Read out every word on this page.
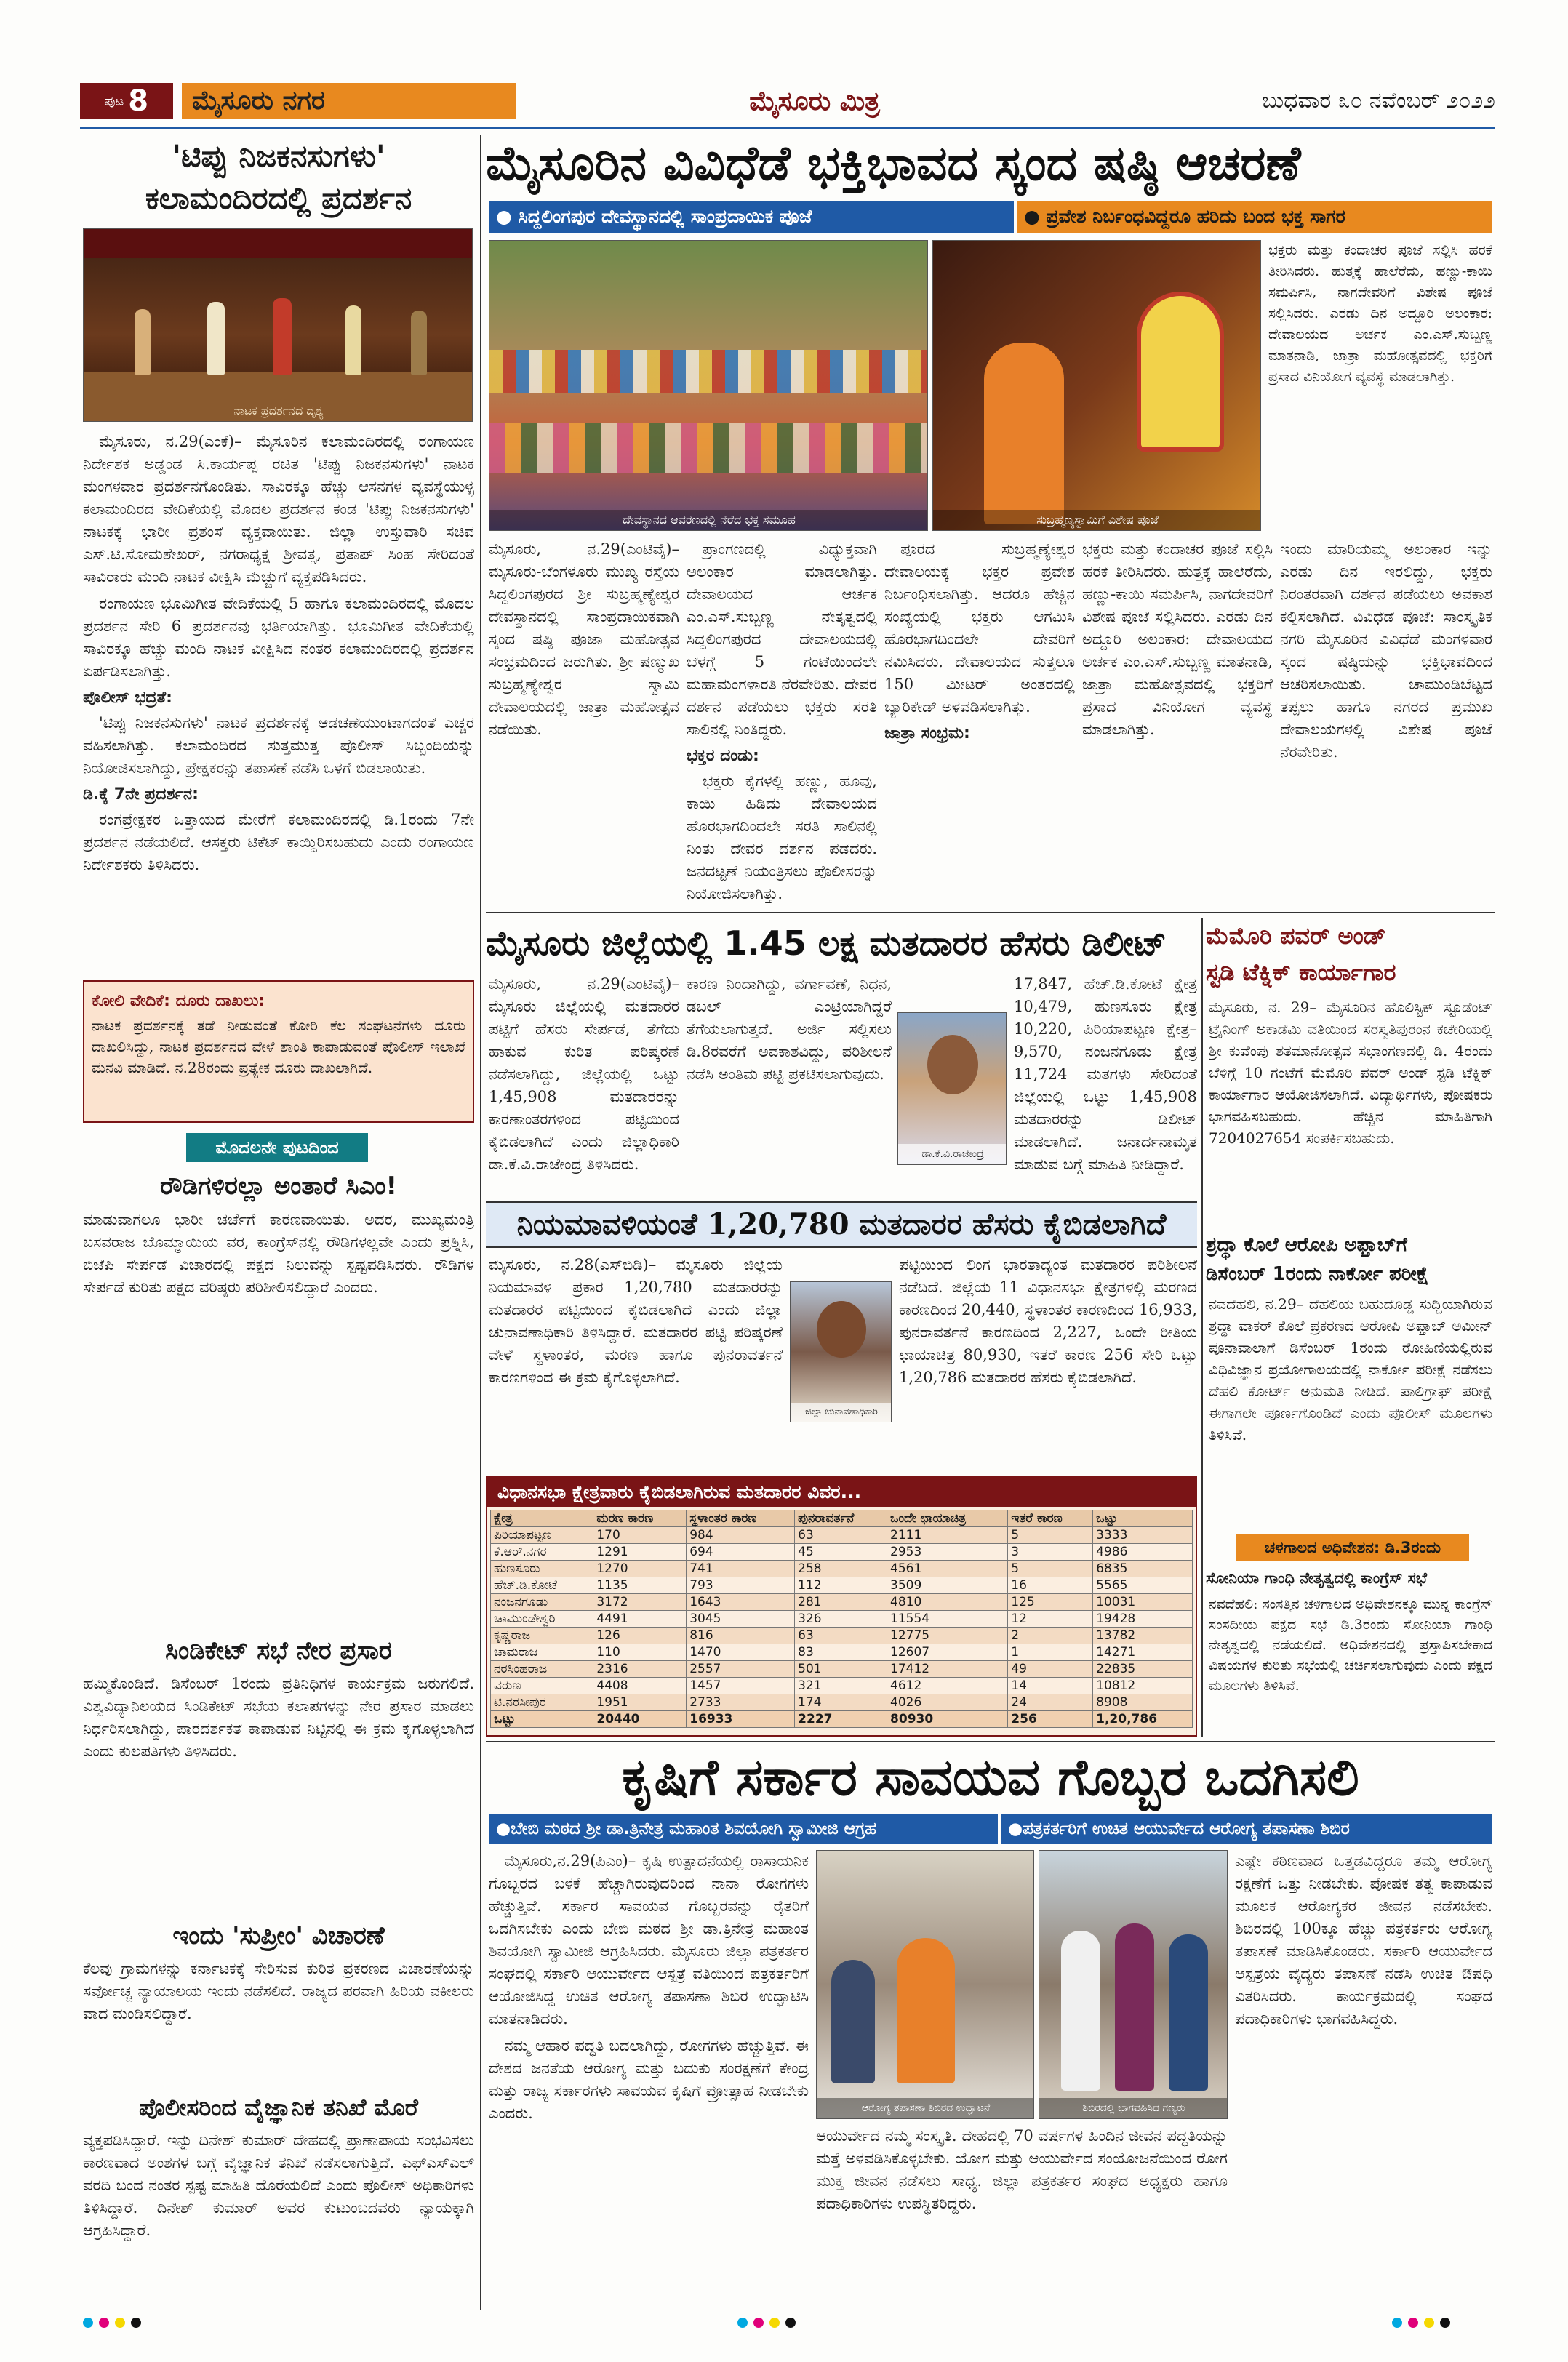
ಪುಟ 8	ಮೈಸೂರು ನಗರ	ಮೈಸೂರು ಮಿತ್ರ	ಬುಧವಾರ ೩೦ ನವೆಂಬರ್ ೨೦೨೨
'ಟಿಪ್ಪು ನಿಜಕನಸುಗಳು'
ಕಲಾಮಂದಿರದಲ್ಲಿ ಪ್ರದರ್ಶನ
ನಾಟಕ ಪ್ರದರ್ಶನದ ದೃಶ್ಯ

ಮೈಸೂರು, ನ.29(ಎಂಕೆ)– ಮೈಸೂರಿನ ಕಲಾಮಂದಿರದಲ್ಲಿ ರಂಗಾಯಣ ನಿರ್ದೇಶಕ ಅಡ್ಡಂಡ ಸಿ.ಕಾರ್ಯಪ್ಪ ರಚಿತ 'ಟಿಪ್ಪು ನಿಜಕನಸುಗಳು' ನಾಟಕ ಮಂಗಳವಾರ ಪ್ರದರ್ಶನಗೊಂಡಿತು. ಸಾವಿರಕ್ಕೂ ಹೆಚ್ಚು ಆಸನಗಳ ವ್ಯವಸ್ಥೆಯುಳ್ಳ ಕಲಾಮಂದಿರದ ವೇದಿಕೆಯಲ್ಲಿ ಮೊದಲ ಪ್ರದರ್ಶನ ಕಂಡ 'ಟಿಪ್ಪು ನಿಜಕನಸುಗಳು' ನಾಟಕಕ್ಕೆ ಭಾರೀ ಪ್ರಶಂಸೆ ವ್ಯಕ್ತವಾಯಿತು. ಜಿಲ್ಲಾ ಉಸ್ತುವಾರಿ ಸಚಿವ ಎಸ್.ಟಿ.ಸೋಮಶೇಖರ್, ನಗರಾಧ್ಯಕ್ಷ ಶ್ರೀವತ್ಸ, ಪ್ರತಾಪ್ ಸಿಂಹ ಸೇರಿದಂತೆ ಸಾವಿರಾರು ಮಂದಿ ನಾಟಕ ವೀಕ್ಷಿಸಿ ಮೆಚ್ಚುಗೆ ವ್ಯಕ್ತಪಡಿಸಿದರು.

ರಂಗಾಯಣ ಭೂಮಿಗೀತ ವೇದಿಕೆಯಲ್ಲಿ 5 ಹಾಗೂ ಕಲಾಮಂದಿರದಲ್ಲಿ ಮೊದಲ ಪ್ರದರ್ಶನ ಸೇರಿ 6 ಪ್ರದರ್ಶನವು ಭರ್ತಿಯಾಗಿತ್ತು. ಭೂಮಿಗೀತ ವೇದಿಕೆಯಲ್ಲಿ ಸಾವಿರಕ್ಕೂ ಹೆಚ್ಚು ಮಂದಿ ನಾಟಕ ವೀಕ್ಷಿಸಿದ ನಂತರ ಕಲಾಮಂದಿರದಲ್ಲಿ ಪ್ರದರ್ಶನ ಏರ್ಪಡಿಸಲಾಗಿತ್ತು.

ಪೊಲೀಸ್ ಭದ್ರತೆ:

'ಟಿಪ್ಪು ನಿಜಕನಸುಗಳು' ನಾಟಕ ಪ್ರದರ್ಶನಕ್ಕೆ ಆಡಚಣೆಯುಂಟಾಗದಂತೆ ಎಚ್ಚರ ವಹಿಸಲಾಗಿತ್ತು. ಕಲಾಮಂದಿರದ ಸುತ್ತಮುತ್ತ ಪೊಲೀಸ್ ಸಿಬ್ಬಂದಿಯನ್ನು ನಿಯೋಜಿಸಲಾಗಿದ್ದು, ಪ್ರೇಕ್ಷಕರನ್ನು ತಪಾಸಣೆ ನಡೆಸಿ ಒಳಗೆ ಬಿಡಲಾಯಿತು.

ಡಿ.ಕ್ಕೆ 7ನೇ ಪ್ರದರ್ಶನ:

ರಂಗಪ್ರೇಕ್ಷಕರ ಒತ್ತಾಯದ ಮೇರೆಗೆ ಕಲಾಮಂದಿರದಲ್ಲಿ ಡಿ.1ರಂದು 7ನೇ ಪ್ರದರ್ಶನ ನಡೆಯಲಿದೆ. ಆಸಕ್ತರು ಟಿಕೆಟ್ ಕಾಯ್ದಿರಿಸಬಹುದು ಎಂದು ರಂಗಾಯಣ ನಿರ್ದೇಶಕರು ತಿಳಿಸಿದರು.

ಕೋಲಿ ವೇದಿಕೆ: ದೂರು ದಾಖಲು:
ನಾಟಕ ಪ್ರದರ್ಶನಕ್ಕೆ ತಡೆ ನೀಡುವಂತೆ ಕೋರಿ ಕೆಲ ಸಂಘಟನೆಗಳು ದೂರು ದಾಖಲಿಸಿದ್ದು, ನಾಟಕ ಪ್ರದರ್ಶನದ ವೇಳೆ ಶಾಂತಿ ಕಾಪಾಡುವಂತೆ ಪೊಲೀಸ್ ಇಲಾಖೆ ಮನವಿ ಮಾಡಿದೆ. ನ.28ರಂದು ಪ್ರತ್ಯೇಕ ದೂರು ದಾಖಲಾಗಿದೆ.
ಮೊದಲನೇ ಪುಟದಿಂದ
ರೌಡಿಗಳಿರಲ್ಲಾ ಅಂತಾರೆ ಸಿಎಂ!
ಮಾಡುವಾಗಲೂ ಭಾರೀ ಚರ್ಚೆಗೆ ಕಾರಣವಾಯಿತು. ಅದರ, ಮುಖ್ಯಮಂತ್ರಿ ಬಸವರಾಜ ಬೊಮ್ಮಾಯಿಯ ವರ, ಕಾಂಗ್ರೆಸ್‌ನಲ್ಲಿ ರೌಡಿಗಳಲ್ಲವೇ ಎಂದು ಪ್ರಶ್ನಿಸಿ, ಬಿಜೆಪಿ ಸೇರ್ಪಡೆ ವಿಚಾರದಲ್ಲಿ ಪಕ್ಷದ ನಿಲುವನ್ನು ಸ್ಪಷ್ಟಪಡಿಸಿದರು. ರೌಡಿಗಳ ಸೇರ್ಪಡೆ ಕುರಿತು ಪಕ್ಷದ ವರಿಷ್ಠರು ಪರಿಶೀಲಿಸಲಿದ್ದಾರೆ ಎಂದರು.
ಸಿಂಡಿಕೇಟ್ ಸಭೆ ನೇರ ಪ್ರಸಾರ
ಹಮ್ಮಿಕೊಂಡಿದೆ. ಡಿಸೆಂಬರ್ 1ರಂದು ಪ್ರತಿನಿಧಿಗಳ ಕಾರ್ಯಕ್ರಮ ಜರುಗಲಿದೆ. ವಿಶ್ವವಿದ್ಯಾನಿಲಯದ ಸಿಂಡಿಕೇಟ್ ಸಭೆಯ ಕಲಾಪಗಳನ್ನು ನೇರ ಪ್ರಸಾರ ಮಾಡಲು ನಿರ್ಧರಿಸಲಾಗಿದ್ದು, ಪಾರದರ್ಶಕತೆ ಕಾಪಾಡುವ ನಿಟ್ಟಿನಲ್ಲಿ ಈ ಕ್ರಮ ಕೈಗೊಳ್ಳಲಾಗಿದೆ ಎಂದು ಕುಲಪತಿಗಳು ತಿಳಿಸಿದರು.
ಇಂದು 'ಸುಪ್ರೀಂ' ವಿಚಾರಣೆ
ಕೆಲವು ಗ್ರಾಮಗಳನ್ನು ಕರ್ನಾಟಕಕ್ಕೆ ಸೇರಿಸುವ ಕುರಿತ ಪ್ರಕರಣದ ವಿಚಾರಣೆಯನ್ನು ಸರ್ವೋಚ್ಚ ನ್ಯಾಯಾಲಯ ಇಂದು ನಡೆಸಲಿದೆ. ರಾಜ್ಯದ ಪರವಾಗಿ ಹಿರಿಯ ವಕೀಲರು ವಾದ ಮಂಡಿಸಲಿದ್ದಾರೆ.
ಪೊಲೀಸರಿಂದ ವೈಜ್ಞಾನಿಕ ತನಿಖೆ ಮೊರೆ
ವ್ಯಕ್ತಪಡಿಸಿದ್ದಾರೆ. ಇನ್ನು ದಿನೇಶ್ ಕುಮಾರ್ ದೇಹದಲ್ಲಿ ಪ್ರಾಣಾಪಾಯ ಸಂಭವಿಸಲು ಕಾರಣವಾದ ಅಂಶಗಳ ಬಗ್ಗೆ ವೈಜ್ಞಾನಿಕ ತನಿಖೆ ನಡೆಸಲಾಗುತ್ತಿದೆ. ಎಫ್‌ಎಸ್‌ಎಲ್ ವರದಿ ಬಂದ ನಂತರ ಸ್ಪಷ್ಟ ಮಾಹಿತಿ ದೊರೆಯಲಿದೆ ಎಂದು ಪೊಲೀಸ್ ಅಧಿಕಾರಿಗಳು ತಿಳಿಸಿದ್ದಾರೆ. ದಿನೇಶ್ ಕುಮಾರ್ ಅವರ ಕುಟುಂಬದವರು ನ್ಯಾಯಕ್ಕಾಗಿ ಆಗ್ರಹಿಸಿದ್ದಾರೆ.
ಮೈಸೂರಿನ ವಿವಿಧೆಡೆ ಭಕ್ತಿಭಾವದ ಸ್ಕಂದ ಷಷ್ಠಿ ಆಚರಣೆ
● ಸಿದ್ದಲಿಂಗಪುರ ದೇವಸ್ಥಾನದಲ್ಲಿ ಸಾಂಪ್ರದಾಯಿಕ ಪೂಜೆ	● ಪ್ರವೇಶ ನಿರ್ಬಂಧವಿದ್ದರೂ ಹರಿದು ಬಂದ ಭಕ್ತ ಸಾಗರ
ದೇವಸ್ಥಾನದ ಆವರಣದಲ್ಲಿ ನೆರೆದ ಭಕ್ತ ಸಮೂಹ	ಸುಬ್ರಹ್ಮಣ್ಯಸ್ವಾಮಿಗೆ ವಿಶೇಷ ಪೂಜೆ
ಭಕ್ತರು ಮತ್ತು ಕಂದಾಚರ ಪೂಜೆ ಸಲ್ಲಿಸಿ ಹರಕೆ ತೀರಿಸಿದರು. ಹುತ್ತಕ್ಕೆ ಹಾಲೆರೆದು, ಹಣ್ಣು-ಕಾಯಿ ಸಮರ್ಪಿಸಿ, ನಾಗದೇವರಿಗೆ ವಿಶೇಷ ಪೂಜೆ ಸಲ್ಲಿಸಿದರು. ಎರಡು ದಿನ ಅದ್ದೂರಿ ಅಲಂಕಾರ: ದೇವಾಲಯದ ಅರ್ಚಕ ಎಂ.ಎಸ್.ಸುಬ್ಬಣ್ಣ ಮಾತನಾಡಿ, ಜಾತ್ರಾ ಮಹೋತ್ಸವದಲ್ಲಿ ಭಕ್ತರಿಗೆ ಪ್ರಸಾದ ವಿನಿಯೋಗ ವ್ಯವಸ್ಥೆ ಮಾಡಲಾಗಿತ್ತು.
ಮೈಸೂರು, ನ.29(ಎಂಟಿವೈ)– ಮೈಸೂರು-ಬೆಂಗಳೂರು ಮುಖ್ಯ ರಸ್ತೆಯ ಸಿದ್ದಲಿಂಗಪುರದ ಶ್ರೀ ಸುಬ್ರಹ್ಮಣ್ಯೇಶ್ವರ ದೇವಸ್ಥಾನದಲ್ಲಿ ಸಾಂಪ್ರದಾಯಿಕವಾಗಿ ಸ್ಕಂದ ಷಷ್ಠಿ ಪೂಜಾ ಮಹೋತ್ಸವ ಸಂಭ್ರಮದಿಂದ ಜರುಗಿತು. ಶ್ರೀ ಷಣ್ಮುಖ ಸುಬ್ರಹ್ಮಣ್ಯೇಶ್ವರ ಸ್ವಾಮಿ ದೇವಾಲಯದಲ್ಲಿ ಜಾತ್ರಾ ಮಹೋತ್ಸವ ನಡೆಯಿತು.

ಪ್ರಾಂಗಣದಲ್ಲಿ ವಿಧ್ಯುಕ್ತವಾಗಿ ಅಲಂಕಾರ ಮಾಡಲಾಗಿತ್ತು. ದೇವಾಲಯದ ಆರ್ಚಕ ಎಂ.ಎಸ್.ಸುಬ್ಬಣ್ಣ ನೇತೃತ್ವದಲ್ಲಿ ಸಿದ್ದಲಿಂಗಪುರದ ದೇವಾಲಯದಲ್ಲಿ ಬೆಳಗ್ಗೆ 5 ಗಂಟೆಯಿಂದಲೇ ಮಹಾಮಂಗಳಾರತಿ ನೆರವೇರಿತು. ದೇವರ ದರ್ಶನ ಪಡೆಯಲು ಭಕ್ತರು ಸರತಿ ಸಾಲಿನಲ್ಲಿ ನಿಂತಿದ್ದರು.

ಭಕ್ತರ ದಂಡು:

ಭಕ್ತರು ಕೈಗಳಲ್ಲಿ ಹಣ್ಣು, ಹೂವು, ಕಾಯಿ ಹಿಡಿದು ದೇವಾಲಯದ ಹೊರಭಾಗದಿಂದಲೇ ಸರತಿ ಸಾಲಿನಲ್ಲಿ ನಿಂತು ದೇವರ ದರ್ಶನ ಪಡೆದರು. ಜನದಟ್ಟಣೆ ನಿಯಂತ್ರಿಸಲು ಪೊಲೀಸರನ್ನು ನಿಯೋಜಿಸಲಾಗಿತ್ತು.

ಪೂರದ ಸುಬ್ರಹ್ಮಣ್ಯೇಶ್ವರ ದೇವಾಲಯಕ್ಕೆ ಭಕ್ತರ ಪ್ರವೇಶ ನಿರ್ಬಂಧಿಸಲಾಗಿತ್ತು. ಆದರೂ ಹೆಚ್ಚಿನ ಸಂಖ್ಯೆಯಲ್ಲಿ ಭಕ್ತರು ಆಗಮಿಸಿ ಹೊರಭಾಗದಿಂದಲೇ ದೇವರಿಗೆ ನಮಿಸಿದರು. ದೇವಾಲಯದ ಸುತ್ತಲೂ 150 ಮೀಟರ್ ಅಂತರದಲ್ಲಿ ಬ್ಯಾರಿಕೇಡ್ ಅಳವಡಿಸಲಾಗಿತ್ತು.

ಜಾತ್ರಾ ಸಂಭ್ರಮ:
ಭಕ್ತರು ಮತ್ತು ಕಂದಾಚರ ಪೂಜೆ ಸಲ್ಲಿಸಿ ಹರಕೆ ತೀರಿಸಿದರು. ಹುತ್ತಕ್ಕೆ ಹಾಲೆರೆದು, ಹಣ್ಣು-ಕಾಯಿ ಸಮರ್ಪಿಸಿ, ನಾಗದೇವರಿಗೆ ವಿಶೇಷ ಪೂಜೆ ಸಲ್ಲಿಸಿದರು. ಎರಡು ದಿನ ಅದ್ದೂರಿ ಅಲಂಕಾರ: ದೇವಾಲಯದ ಅರ್ಚಕ ಎಂ.ಎಸ್.ಸುಬ್ಬಣ್ಣ ಮಾತನಾಡಿ, ಜಾತ್ರಾ ಮಹೋತ್ಸವದಲ್ಲಿ ಭಕ್ತರಿಗೆ ಪ್ರಸಾದ ವಿನಿಯೋಗ ವ್ಯವಸ್ಥೆ ಮಾಡಲಾಗಿತ್ತು.
ಇಂದು ಮಾರಿಯಮ್ಮ ಅಲಂಕಾರ ಇನ್ನು ಎರಡು ದಿನ ಇರಲಿದ್ದು, ಭಕ್ತರು ನಿರಂತರವಾಗಿ ದರ್ಶನ ಪಡೆಯಲು ಅವಕಾಶ ಕಲ್ಪಿಸಲಾಗಿದೆ. ವಿವಿಧೆಡೆ ಪೂಜೆ: ಸಾಂಸ್ಕೃತಿಕ ನಗರಿ ಮೈಸೂರಿನ ವಿವಿಧೆಡೆ ಮಂಗಳವಾರ ಸ್ಕಂದ ಷಷ್ಠಿಯನ್ನು ಭಕ್ತಿಭಾವದಿಂದ ಆಚರಿಸಲಾಯಿತು. ಚಾಮುಂಡಿಬೆಟ್ಟದ ತಪ್ಪಲು ಹಾಗೂ ನಗರದ ಪ್ರಮುಖ ದೇವಾಲಯಗಳಲ್ಲಿ ವಿಶೇಷ ಪೂಜೆ ನೆರವೇರಿತು.
ಮೈಸೂರು ಜಿಲ್ಲೆಯಲ್ಲಿ 1.45 ಲಕ್ಷ ಮತದಾರರ ಹೆಸರು ಡಿಲೀಟ್
ಮೈಸೂರು, ನ.29(ಎಂಟಿವೈ)– ಮೈಸೂರು ಜಿಲ್ಲೆಯಲ್ಲಿ ಮತದಾರರ ಪಟ್ಟಿಗೆ ಹೆಸರು ಸೇರ್ಪಡೆ, ತೆಗೆದು ಹಾಕುವ ಕುರಿತ ಪರಿಷ್ಕರಣೆ ನಡೆಸಲಾಗಿದ್ದು, ಜಿಲ್ಲೆಯಲ್ಲಿ ಒಟ್ಟು 1,45,908 ಮತದಾರರನ್ನು ಕಾರಣಾಂತರಗಳಿಂದ ಪಟ್ಟಿಯಿಂದ ಕೈಬಿಡಲಾಗಿದೆ ಎಂದು ಜಿಲ್ಲಾಧಿಕಾರಿ ಡಾ.ಕೆ.ವಿ.ರಾಜೇಂದ್ರ ತಿಳಿಸಿದರು.
ಕಾರಣ ನಿಂದಾಗಿದ್ದು, ವರ್ಗಾವಣೆ, ನಿಧನ, ಡಬಲ್ ಎಂಟ್ರಿಯಾಗಿದ್ದರೆ ತೆಗೆಯಲಾಗುತ್ತದೆ. ಅರ್ಜಿ ಸಲ್ಲಿಸಲು ಡಿ.8ರವರೆಗೆ ಅವಕಾಶವಿದ್ದು, ಪರಿಶೀಲನೆ ನಡೆಸಿ ಅಂತಿಮ ಪಟ್ಟಿ ಪ್ರಕಟಿಸಲಾಗುವುದು.
ಡಾ.ಕೆ.ವಿ.ರಾಜೇಂದ್ರ
17,847, ಹೆಚ್.ಡಿ.ಕೋಟೆ ಕ್ಷೇತ್ರ 10,479, ಹುಣಸೂರು ಕ್ಷೇತ್ರ 10,220, ಪಿರಿಯಾಪಟ್ಟಣ ಕ್ಷೇತ್ರ–9,570, ನಂಜನಗೂಡು ಕ್ಷೇತ್ರ 11,724 ಮತಗಳು ಸೇರಿದಂತೆ ಜಿಲ್ಲೆಯಲ್ಲಿ ಒಟ್ಟು 1,45,908 ಮತದಾರರನ್ನು ಡಿಲೀಟ್ ಮಾಡಲಾಗಿದೆ. ಜನಾರ್ದನಾಮೃತ ಮಾಡುವ ಬಗ್ಗೆ ಮಾಹಿತಿ ನೀಡಿದ್ದಾರೆ.
ನಿಯಮಾವಳಿಯಂತೆ 1,20,780 ಮತದಾರರ ಹೆಸರು ಕೈಬಿಡಲಾಗಿದೆ
ಮೈಸೂರು, ನ.28(ಎಸ್‌ಬಿಡಿ)– ಮೈಸೂರು ಜಿಲ್ಲೆಯ ನಿಯಮಾವಳಿ ಪ್ರಕಾರ 1,20,780 ಮತದಾರರನ್ನು ಮತದಾರರ ಪಟ್ಟಿಯಿಂದ ಕೈಬಿಡಲಾಗಿದೆ ಎಂದು ಜಿಲ್ಲಾ ಚುನಾವಣಾಧಿಕಾರಿ ತಿಳಿಸಿದ್ದಾರೆ. ಮತದಾರರ ಪಟ್ಟಿ ಪರಿಷ್ಕರಣೆ ವೇಳೆ ಸ್ಥಳಾಂತರ, ಮರಣ ಹಾಗೂ ಪುನರಾವರ್ತನೆ ಕಾರಣಗಳಿಂದ ಈ ಕ್ರಮ ಕೈಗೊಳ್ಳಲಾಗಿದೆ.
ಜಿಲ್ಲಾ ಚುನಾವಣಾಧಿಕಾರಿ
ಪಟ್ಟಿಯಿಂದ ಲಿಂಗ ಭಾರತಾದ್ಯಂತ ಮತದಾರರ ಪರಿಶೀಲನೆ ನಡೆದಿದೆ. ಜಿಲ್ಲೆಯ 11 ವಿಧಾನಸಭಾ ಕ್ಷೇತ್ರಗಳಲ್ಲಿ ಮರಣದ ಕಾರಣದಿಂದ 20,440, ಸ್ಥಳಾಂತರ ಕಾರಣದಿಂದ 16,933, ಪುನರಾವರ್ತನೆ ಕಾರಣದಿಂದ 2,227, ಒಂದೇ ರೀತಿಯ ಛಾಯಾಚಿತ್ರ 80,930, ಇತರೆ ಕಾರಣ 256 ಸೇರಿ ಒಟ್ಟು 1,20,786 ಮತದಾರರ ಹೆಸರು ಕೈಬಿಡಲಾಗಿದೆ.
ವಿಧಾನಸಭಾ ಕ್ಷೇತ್ರವಾರು ಕೈಬಿಡಲಾಗಿರುವ ಮತದಾರರ ವಿವರ...
ಕ್ಷೇತ್ರ	ಮರಣ ಕಾರಣ	ಸ್ಥಳಾಂತರ ಕಾರಣ	ಪುನರಾವರ್ತನೆ	ಒಂದೇ ಛಾಯಾಚಿತ್ರ	ಇತರೆ ಕಾರಣ	ಒಟ್ಟು
ಪಿರಿಯಾಪಟ್ಟಣ	170	984	63	2111	5	3333
ಕೆ.ಆರ್.ನಗರ	1291	694	45	2953	3	4986
ಹುಣಸೂರು	1270	741	258	4561	5	6835
ಹೆಚ್.ಡಿ.ಕೋಟೆ	1135	793	112	3509	16	5565
ನಂಜನಗೂಡು	3172	1643	281	4810	125	10031
ಚಾಮುಂಡೇಶ್ವರಿ	4491	3045	326	11554	12	19428
ಕೃಷ್ಣರಾಜ	126	816	63	12775	2	13782
ಚಾಮರಾಜ	110	1470	83	12607	1	14271
ನರಸಿಂಹರಾಜ	2316	2557	501	17412	49	22835
ವರುಣ	4408	1457	321	4612	14	10812
ಟಿ.ನರಸೀಪುರ	1951	2733	174	4026	24	8908
ಒಟ್ಟು	20440	16933	2227	80930	256	1,20,786
ಮೆಮೊರಿ ಪವರ್ ಅಂಡ್
ಸ್ಟಡಿ ಟೆಕ್ನಿಕ್ ಕಾರ್ಯಾಗಾರ
ಮೈಸೂರು, ನ. 29– ಮೈಸೂರಿನ ಹೊಲಿಸ್ಟಿಕ್ ಸ್ಟೂಡೆಂಟ್ ಟ್ರೈನಿಂಗ್ ಅಕಾಡೆಮಿ ವತಿಯಿಂದ ಸರಸ್ವತಿಪುರಂನ ಕಚೇರಿಯಲ್ಲಿ ಶ್ರೀ ಕುವೆಂಪು ಶತಮಾನೋತ್ಸವ ಸಭಾಂಗಣದಲ್ಲಿ ಡಿ. 4ರಂದು ಬೆಳಿಗ್ಗೆ 10 ಗಂಟೆಗೆ ಮೆಮೊರಿ ಪವರ್ ಅಂಡ್ ಸ್ಟಡಿ ಟೆಕ್ನಿಕ್ ಕಾರ್ಯಾಗಾರ ಆಯೋಜಿಸಲಾಗಿದೆ. ವಿದ್ಯಾರ್ಥಿಗಳು, ಪೋಷಕರು ಭಾಗವಹಿಸಬಹುದು. ಹೆಚ್ಚಿನ ಮಾಹಿತಿಗಾಗಿ 7204027654 ಸಂಪರ್ಕಿಸಬಹುದು.
ಶ್ರದ್ಧಾ ಕೊಲೆ ಆರೋಪಿ ಅಫ್ತಾಬ್‌ಗೆ
ಡಿಸೆಂಬರ್ 1ರಂದು ನಾರ್ಕೋ ಪರೀಕ್ಷೆ
ನವದೆಹಲಿ, ನ.29– ದೆಹಲಿಯ ಬಹುದೊಡ್ಡ ಸುದ್ದಿಯಾಗಿರುವ ಶ್ರದ್ಧಾ ವಾಕರ್ ಕೊಲೆ ಪ್ರಕರಣದ ಆರೋಪಿ ಅಫ್ತಾಬ್ ಅಮೀನ್ ಪೂನಾವಾಲಾಗೆ ಡಿಸೆಂಬರ್ 1ರಂದು ರೋಹಿಣಿಯಲ್ಲಿರುವ ವಿಧಿವಿಜ್ಞಾನ ಪ್ರಯೋಗಾಲಯದಲ್ಲಿ ನಾರ್ಕೋ ಪರೀಕ್ಷೆ ನಡೆಸಲು ದೆಹಲಿ ಕೋರ್ಟ್ ಅನುಮತಿ ನೀಡಿದೆ. ಪಾಲಿಗ್ರಾಫ್ ಪರೀಕ್ಷೆ ಈಗಾಗಲೇ ಪೂರ್ಣಗೊಂಡಿದೆ ಎಂದು ಪೊಲೀಸ್ ಮೂಲಗಳು ತಿಳಿಸಿವೆ.
ಚಳಗಾಲದ ಅಧಿವೇಶನ: ಡಿ.3ರಂದು
ಸೋನಿಯಾ ಗಾಂಧಿ ನೇತೃತ್ವದಲ್ಲಿ ಕಾಂಗ್ರೆಸ್ ಸಭೆ
ನವದೆಹಲಿ: ಸಂಸತ್ತಿನ ಚಳಿಗಾಲದ ಅಧಿವೇಶನಕ್ಕೂ ಮುನ್ನ ಕಾಂಗ್ರೆಸ್ ಸಂಸದೀಯ ಪಕ್ಷದ ಸಭೆ ಡಿ.3ರಂದು ಸೋನಿಯಾ ಗಾಂಧಿ ನೇತೃತ್ವದಲ್ಲಿ ನಡೆಯಲಿದೆ. ಅಧಿವೇಶನದಲ್ಲಿ ಪ್ರಸ್ತಾಪಿಸಬೇಕಾದ ವಿಷಯಗಳ ಕುರಿತು ಸಭೆಯಲ್ಲಿ ಚರ್ಚಿಸಲಾಗುವುದು ಎಂದು ಪಕ್ಷದ ಮೂಲಗಳು ತಿಳಿಸಿವೆ.
ಕೃಷಿಗೆ ಸರ್ಕಾರ ಸಾವಯವ ಗೊಬ್ಬರ ಒದಗಿಸಲಿ
●ಬೇಬಿ ಮಠದ ಶ್ರೀ ಡಾ.ತ್ರಿನೇತ್ರ ಮಹಾಂತ ಶಿವಯೋಗಿ ಸ್ವಾಮೀಜಿ ಆಗ್ರಹ	●ಪತ್ರಕರ್ತರಿಗೆ ಉಚಿತ ಆಯುರ್ವೇದ ಆರೋಗ್ಯ ತಪಾಸಣಾ ಶಿಬಿರ

ಮೈಸೂರು,ನ.29(ಪಿಎಂ)– ಕೃಷಿ ಉತ್ಪಾದನೆಯಲ್ಲಿ ರಾಸಾಯನಿಕ ಗೊಬ್ಬರದ ಬಳಕೆ ಹೆಚ್ಚಾಗಿರುವುದರಿಂದ ನಾನಾ ರೋಗಗಳು ಹೆಚ್ಚುತ್ತಿವೆ. ಸರ್ಕಾರ ಸಾವಯವ ಗೊಬ್ಬರವನ್ನು ರೈತರಿಗೆ ಒದಗಿಸಬೇಕು ಎಂದು ಬೇಬಿ ಮಠದ ಶ್ರೀ ಡಾ.ತ್ರಿನೇತ್ರ ಮಹಾಂತ ಶಿವಯೋಗಿ ಸ್ವಾಮೀಜಿ ಆಗ್ರಹಿಸಿದರು. ಮೈಸೂರು ಜಿಲ್ಲಾ ಪತ್ರಕರ್ತರ ಸಂಘದಲ್ಲಿ ಸರ್ಕಾರಿ ಆಯುರ್ವೇದ ಆಸ್ಪತ್ರೆ ವತಿಯಿಂದ ಪತ್ರಕರ್ತರಿಗೆ ಆಯೋಜಿಸಿದ್ದ ಉಚಿತ ಆರೋಗ್ಯ ತಪಾಸಣಾ ಶಿಬಿರ ಉದ್ಘಾಟಿಸಿ ಮಾತನಾಡಿದರು.

ನಮ್ಮ ಆಹಾರ ಪದ್ಧತಿ ಬದಲಾಗಿದ್ದು, ರೋಗಗಳು ಹೆಚ್ಚುತ್ತಿವೆ. ಈ ದೇಶದ ಜನತೆಯ ಆರೋಗ್ಯ ಮತ್ತು ಬದುಕು ಸಂರಕ್ಷಣೆಗೆ ಕೇಂದ್ರ ಮತ್ತು ರಾಜ್ಯ ಸರ್ಕಾರಗಳು ಸಾವಯವ ಕೃಷಿಗೆ ಪ್ರೋತ್ಸಾಹ ನೀಡಬೇಕು ಎಂದರು.	ಆರೋಗ್ಯ ತಪಾಸಣಾ ಶಿಬಿರದ ಉದ್ಘಾಟನೆ	ಶಿಬಿರದಲ್ಲಿ ಭಾಗವಹಿಸಿದ ಗಣ್ಯರು
ಆಯುರ್ವೇದ ನಮ್ಮ ಸಂಸ್ಕೃತಿ. ದೇಹದಲ್ಲಿ 70 ವರ್ಷಗಳ ಹಿಂದಿನ ಜೀವನ ಪದ್ಧತಿಯನ್ನು ಮತ್ತೆ ಅಳವಡಿಸಿಕೊಳ್ಳಬೇಕು. ಯೋಗ ಮತ್ತು ಆಯುರ್ವೇದ ಸಂಯೋಜನೆಯಿಂದ ರೋಗ ಮುಕ್ತ ಜೀವನ ನಡೆಸಲು ಸಾಧ್ಯ. ಜಿಲ್ಲಾ ಪತ್ರಕರ್ತರ ಸಂಘದ ಅಧ್ಯಕ್ಷರು ಹಾಗೂ ಪದಾಧಿಕಾರಿಗಳು ಉಪಸ್ಥಿತರಿದ್ದರು.
ಎಷ್ಟೇ ಕಠಿಣವಾದ ಒತ್ತಡವಿದ್ದರೂ ತಮ್ಮ ಆರೋಗ್ಯ ರಕ್ಷಣೆಗೆ ಒತ್ತು ನೀಡಬೇಕು. ಪೋಷಕ ತತ್ವ ಕಾಪಾಡುವ ಮೂಲಕ ಆರೋಗ್ಯಕರ ಜೀವನ ನಡೆಸಬೇಕು. ಶಿಬಿರದಲ್ಲಿ 100ಕ್ಕೂ ಹೆಚ್ಚು ಪತ್ರಕರ್ತರು ಆರೋಗ್ಯ ತಪಾಸಣೆ ಮಾಡಿಸಿಕೊಂಡರು. ಸರ್ಕಾರಿ ಆಯುರ್ವೇದ ಆಸ್ಪತ್ರೆಯ ವೈದ್ಯರು ತಪಾಸಣೆ ನಡೆಸಿ ಉಚಿತ ಔಷಧಿ ವಿತರಿಸಿದರು. ಕಾರ್ಯಕ್ರಮದಲ್ಲಿ ಸಂಘದ ಪದಾಧಿಕಾರಿಗಳು ಭಾಗವಹಿಸಿದ್ದರು.
